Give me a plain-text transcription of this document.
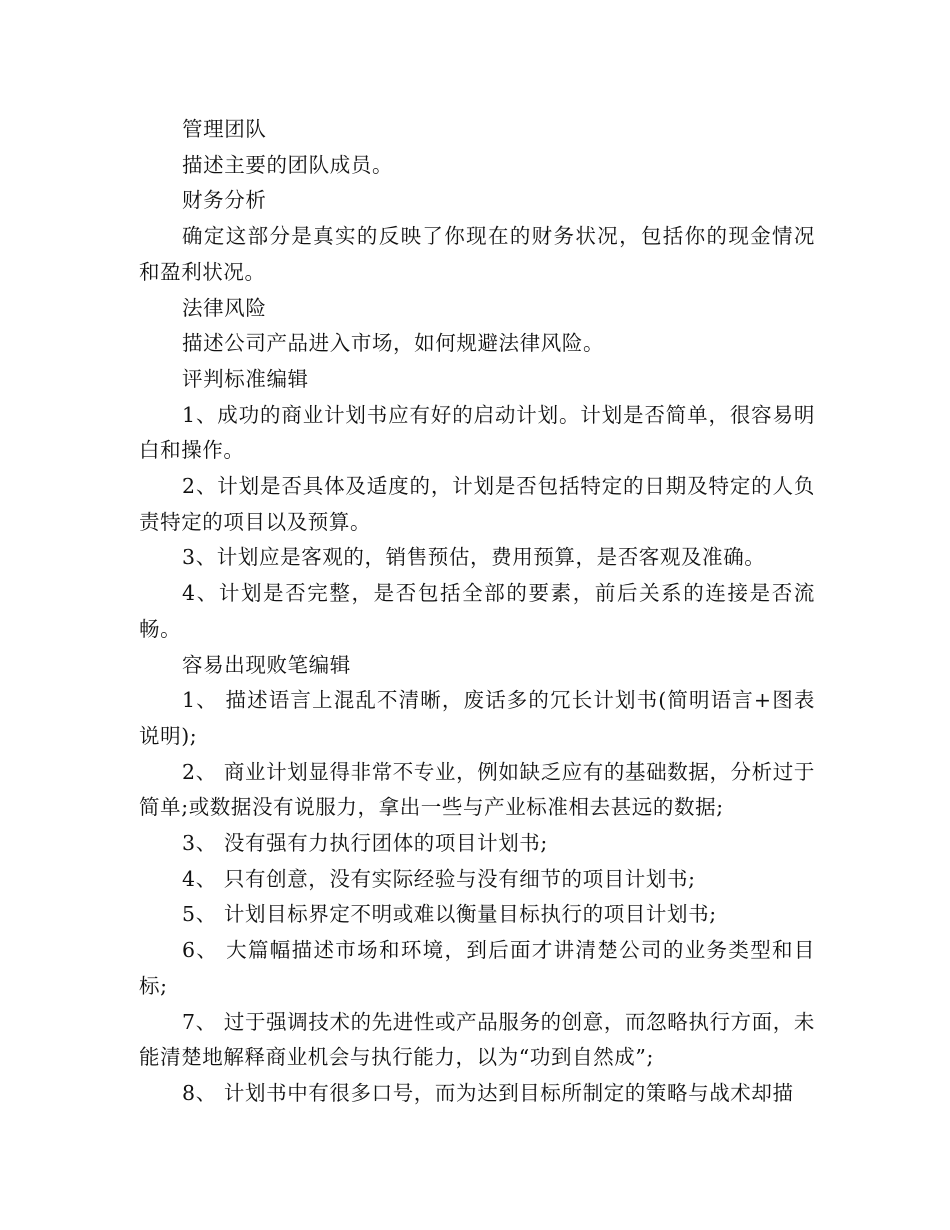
管理团队

描述主要的团队成员。

财务分析

确定这部分是真实的反映了你现在的财务状况，包括你的现金情况和盈利状况。

法律风险

描述公司产品进入市场，如何规避法律风险。

评判标准编辑

1、成功的商业计划书应有好的启动计划。计划是否简单，很容易明白和操作。

2、计划是否具体及适度的，计划是否包括特定的日期及特定的人负责特定的项目以及预算。

3、计划应是客观的，销售预估，费用预算，是否客观及准确。

4、计划是否完整，是否包括全部的要素，前后关系的连接是否流畅。

容易出现败笔编辑

1、 描述语言上混乱不清晰，废话多的冗长计划书(简明语言+图表说明);

2、 商业计划显得非常不专业，例如缺乏应有的基础数据，分析过于简单;或数据没有说服力，拿出一些与产业标准相去甚远的数据;

3、 没有强有力执行团体的项目计划书;

4、 只有创意，没有实际经验与没有细节的项目计划书;

5、 计划目标界定不明或难以衡量目标执行的项目计划书;

6、 大篇幅描述市场和环境，到后面才讲清楚公司的业务类型和目标;

7、 过于强调技术的先进性或产品服务的创意，而忽略执行方面，未能清楚地解释商业机会与执行能力，以为“功到自然成”;

8、 计划书中有很多口号，而为达到目标所制定的策略与战术却描
